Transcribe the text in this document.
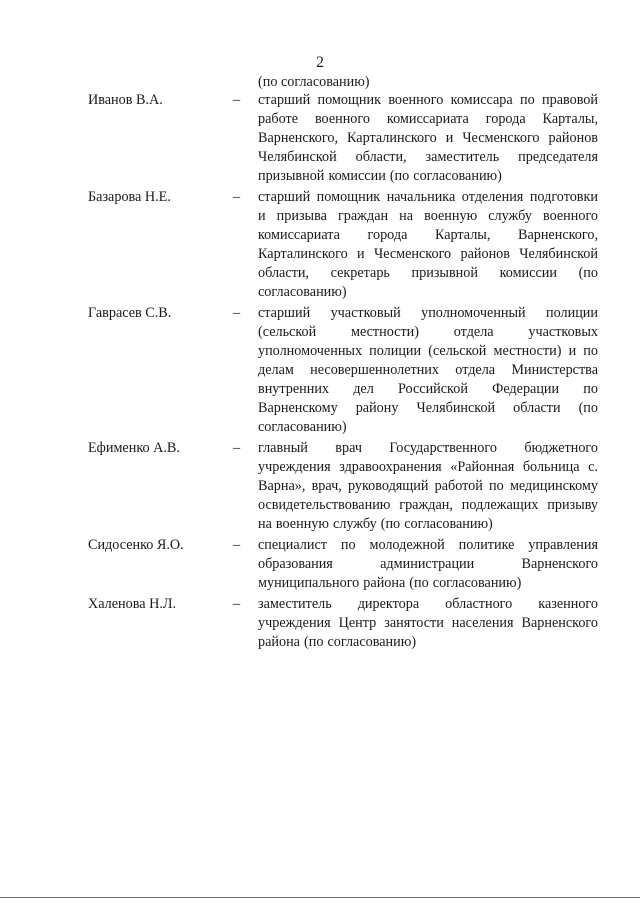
2
(по согласованию)
Иванов В.А.	– старший помощник военного комиссара по правовой работе военного комиссариата города Карталы, Варненского, Карталинского и Чесменского районов Челябинской области, заместитель председателя призывной комиссии (по согласованию)
Базарова Н.Е.	– старший помощник начальника отделения подготовки и призыва граждан на военную службу военного комиссариата города Карталы, Варненского, Карталинского и Чесменского районов Челябинской области, секретарь призывной комиссии (по согласованию)
Гаврасев С.В.	– старший участковый уполномоченный полиции (сельской местности) отдела участковых уполномоченных полиции (сельской местности) и по делам несовершеннолетних отдела Министерства внутренних дел Российской Федерации по Варненскому району Челябинской области (по согласованию)
Ефименко А.В.	– главный врач Государственного бюджетного учреждения здравоохранения «Районная больница с. Варна», врач, руководящий работой по медицинскому освидетельствованию граждан, подлежащих призыву на военную службу (по согласованию)
Сидосенко Я.О.	– специалист по молодежной политике управления образования администрации Варненского муниципального района (по согласованию)
Халенова Н.Л.	– заместитель директора областного казенного учреждения Центр занятости населения Варненского района (по согласованию)
